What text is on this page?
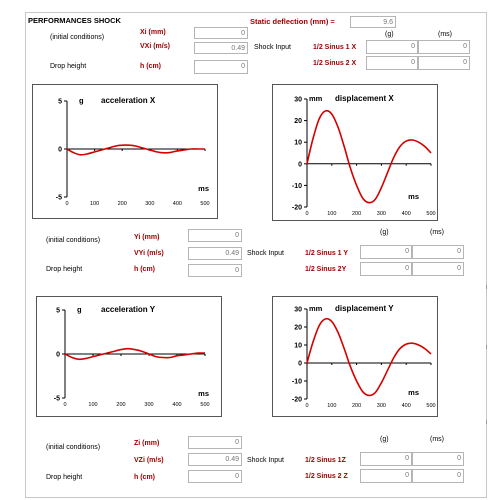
PERFORMANCES SHOCK	Static deflection (mm) =	9.6
(g)	(ms)
(initial conditions)
Xi (mm)	0
VXi (m/s)	0.49	Shock Input	1/2 Sinus 1 X	0	0
Drop height	h (cm)	0	1/2 Sinus 2 X	0	0
5
0
-5
0	100	200	300	400	500
acceleration X
g
ms
30
20
10
0
-10
-20
0	100	200	300	400	500
displacement X
mm
ms
(g)	(ms)
(initial conditions)	Yi (mm)	0
VYi (m/s)	0.49	Shock Input	1/2 Sinus 1 Y	0	0
Drop height	h (cm)	0	1/2 Sinus 2Y	0	0
5
0
-5
0	100	200	300	400	500
acceleration Y
g
ms
30
20
10
0
-10
-20
0	100	200	300	400	500
displacement Y
mm
ms
(g)	(ms)
(initial conditions)
Zi (mm)	0
VZi (m/s)	0.49	Shock Input	1/2 Sinus 1Z	0	0
Drop height	h (cm)	0	1/2 Sinus 2 Z	0	0
